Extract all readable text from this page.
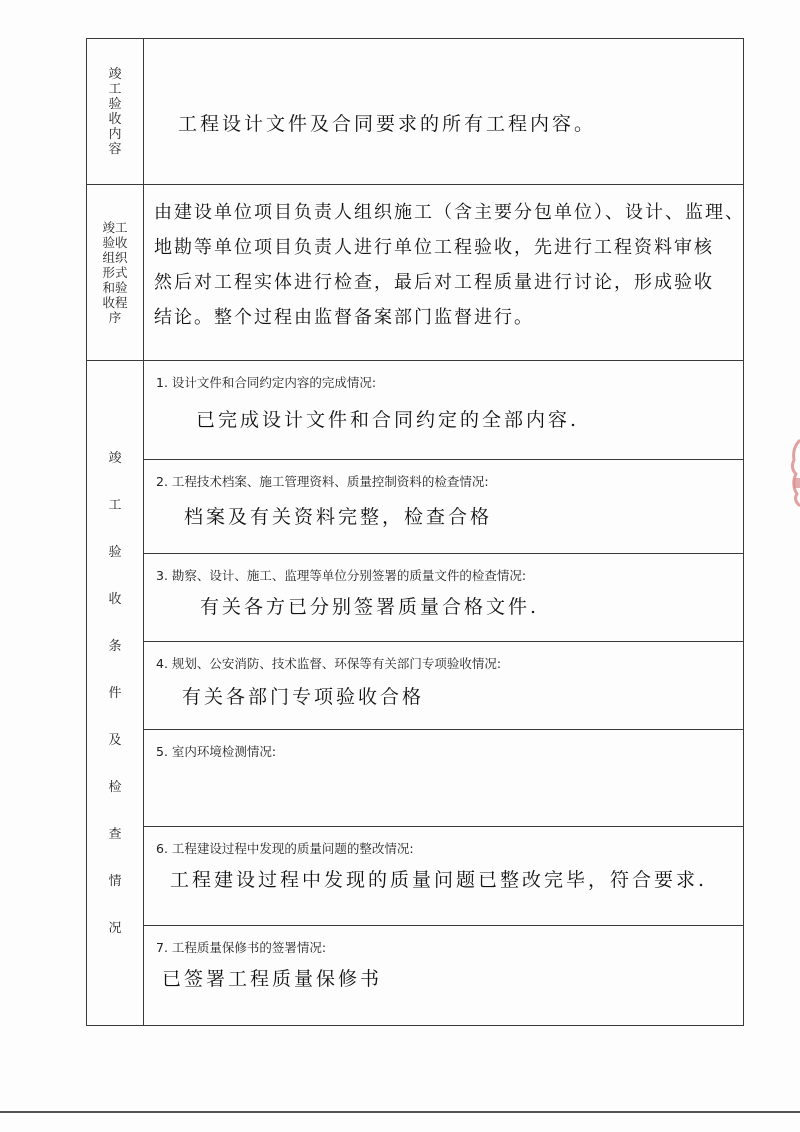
竣工验收内容	工程设计文件及合同要求的所有工程内容。

竣工验收组织形式和验收程序	由建设单位项目负责人组织施工（含主要分包单位）、设计、监理、
地勘等单位项目负责人进行单位工程验收，先进行工程资料审核
然后对工程实体进行检查，最后对工程质量进行讨论，形成验收
结论。整个过程由监督备案部门监督进行。

竣工验收条件及检查情况	1. 设计文件和合同约定内容的完成情况:
已完成设计文件和合同约定的全部内容.

	2. 工程技术档案、施工管理资料、质量控制资料的检查情况:
档案及有关资料完整，检查合格

	3. 勘察、设计、施工、监理等单位分别签署的质量文件的检查情况:
有关各方已分别签署质量合格文件.

	4. 规划、公安消防、技术监督、环保等有关部门专项验收情况:
有关各部门专项验收合格

	5. 室内环境检测情况:

	6. 工程建设过程中发现的质量问题的整改情况:
工程建设过程中发现的质量问题已整改完毕，符合要求.

	7. 工程质量保修书的签署情况:
已签署工程质量保修书
